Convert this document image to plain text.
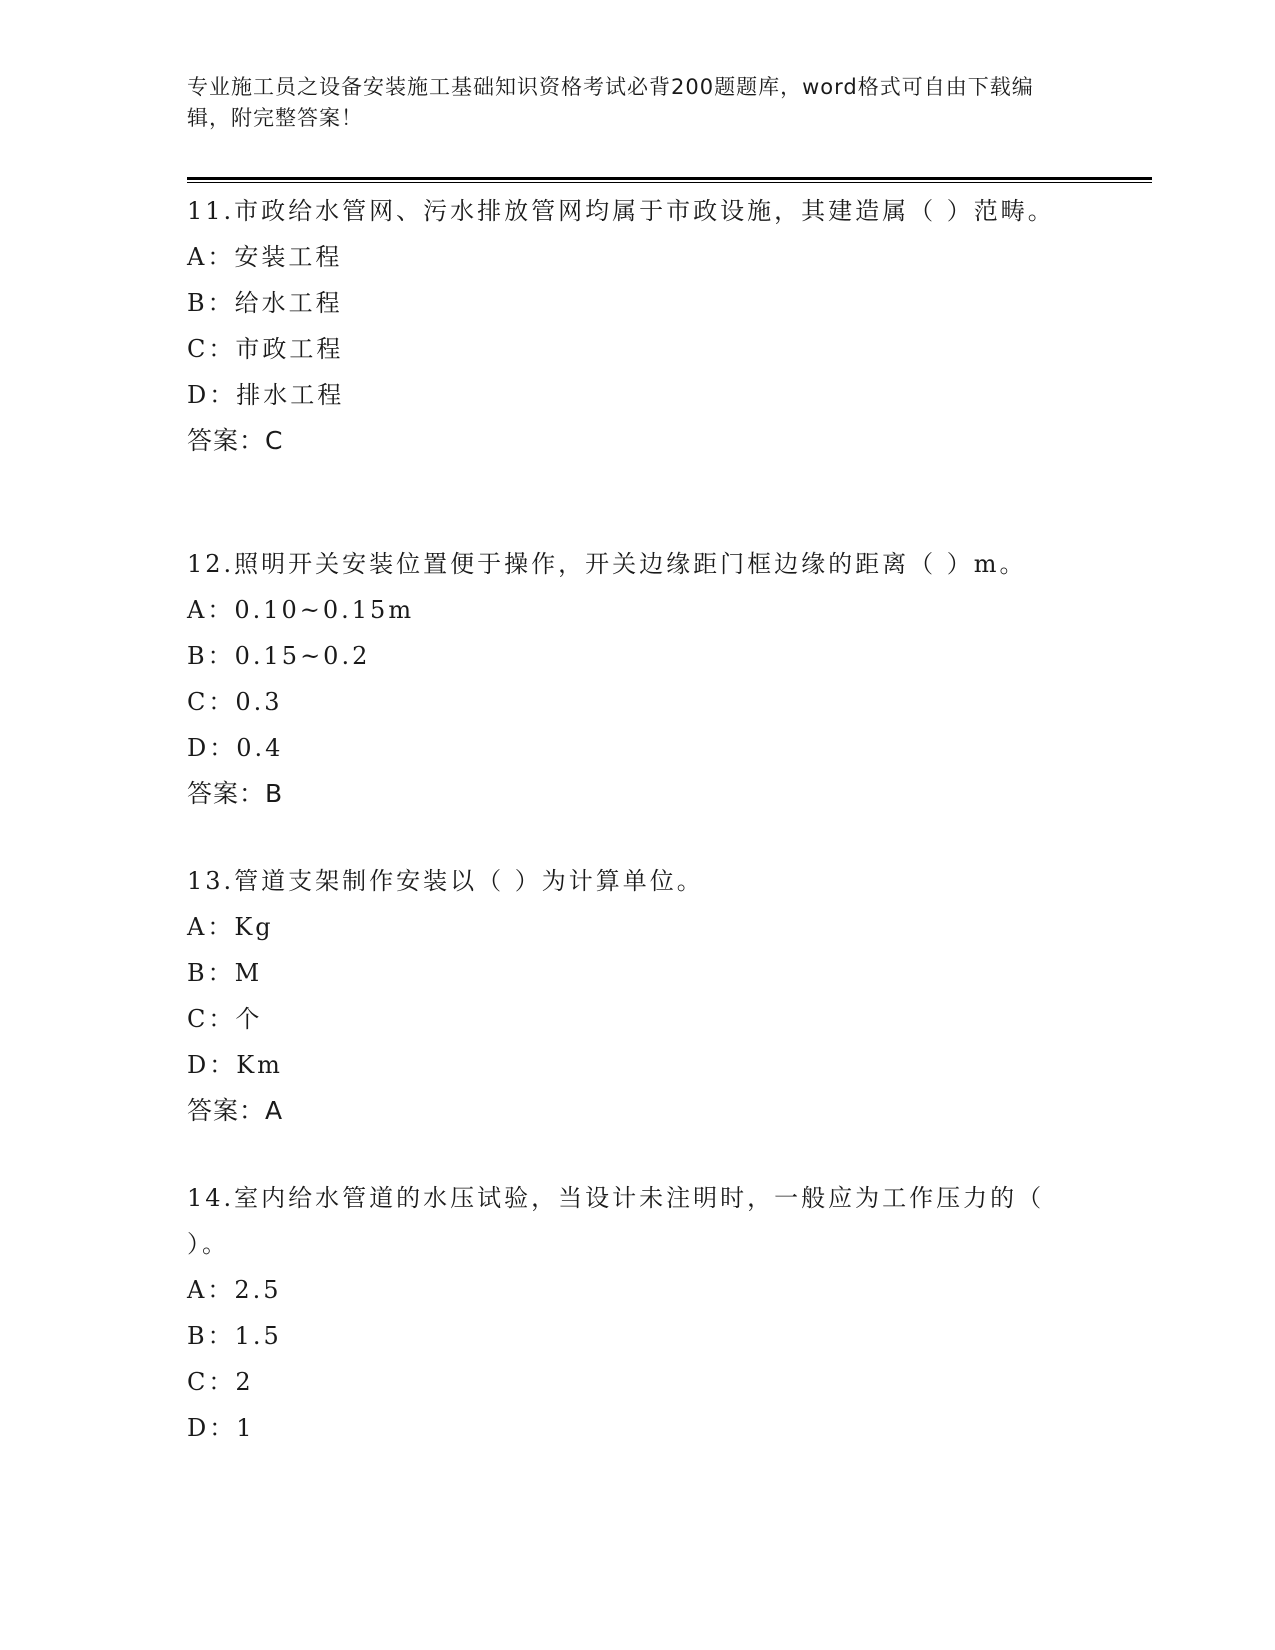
专业施工员之设备安装施工基础知识资格考试必背200题题库，word格式可自由下载编辑，附完整答案！

11.市政给水管网、污水排放管网均属于市政设施，其建造属（ ）范畴。

A：安装工程

B：给水工程

C：市政工程

D：排水工程

答案：C

12.照明开关安装位置便于操作，开关边缘距门框边缘的距离（ ）m。

A：0.10~0.15m

B：0.15~0.2

C：0.3

D：0.4

答案：B

13.管道支架制作安装以（ ）为计算单位。

A：Kg

B：M

C：个

D：Km

答案：A

14.室内给水管道的水压试验，当设计未注明时，一般应为工作压力的（ ）。

A：2.5

B：1.5

C：2

D：1
